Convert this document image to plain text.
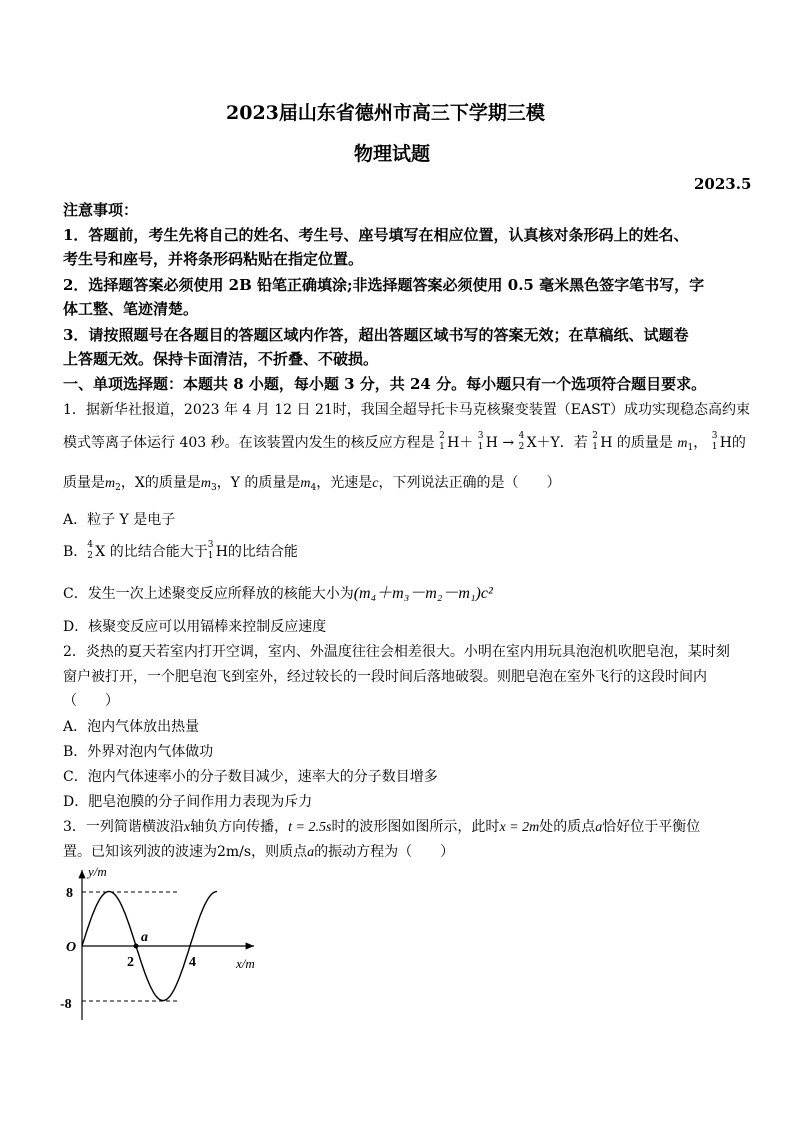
2023届山东省德州市高三下学期三模
物理试题
2023.5
注意事项：
1．答题前，考生先将自己的姓名、考生号、座号填写在相应位置，认真核对条形码上的姓名、
考生号和座号，并将条形码粘贴在指定位置。
2．选择题答案必须使用 2B 铅笔正确填涂;非选择题答案必须使用 0.5 毫米黑色签字笔书写，字
体工整、笔迹清楚。
3．请按照题号在各题目的答题区域内作答，超出答题区域书写的答案无效；在草稿纸、试题卷
上答题无效。保持卡面清洁，不折叠、不破损。
一、单项选择题：本题共 8 小题，每小题 3 分，共 24 分。每小题只有一个选项符合题目要求。
1．据新华社报道，2023 年 4 月 12 日 21时，我国全超导托卡马克核聚变装置（EAST）成功实现稳态高约束
模式等离子体运行 403 秒。在该装置内发生的核反应方程是 2
1 H＋ 3
1 H → 4
2 X＋Y．若 2
1 H 的质量是 $m_1$， 3
1 H的
质量是$m_2$，X的质量是$m_3$，Y 的质量是$m_4$，光速是c，下列说法正确的是（　　）
A．粒子 Y 是电子
B． 4
2 X 的比结合能大于 3
1 H的比结合能
C．发生一次上述聚变反应所释放的核能大小为(m₄＋m₃－m₂－m₁)c²
D．核聚变反应可以用镉棒来控制反应速度
2．炎热的夏天若室内打开空调，室内、外温度往往会相差很大。小明在室内用玩具泡泡机吹肥皂泡，某时刻
窗户被打开，一个肥皂泡飞到室外，经过较长的一段时间后落地破裂。则肥皂泡在室外飞行的这段时间内
（　　）
A．泡内气体放出热量
B．外界对泡内气体做功
C．泡内气体速率小的分子数目减少，速率大的分子数目增多
D．肥皂泡膜的分子间作用力表现为斥力
3．一列简谐横波沿x轴负方向传播，t = 2.5s时的波形图如图所示，此时x = 2m处的质点a恰好位于平衡位
置。已知该列波的波速为2m/s，则质点a的振动方程为（　　）
y/m
x/m
8
-8
O
2	4
a
